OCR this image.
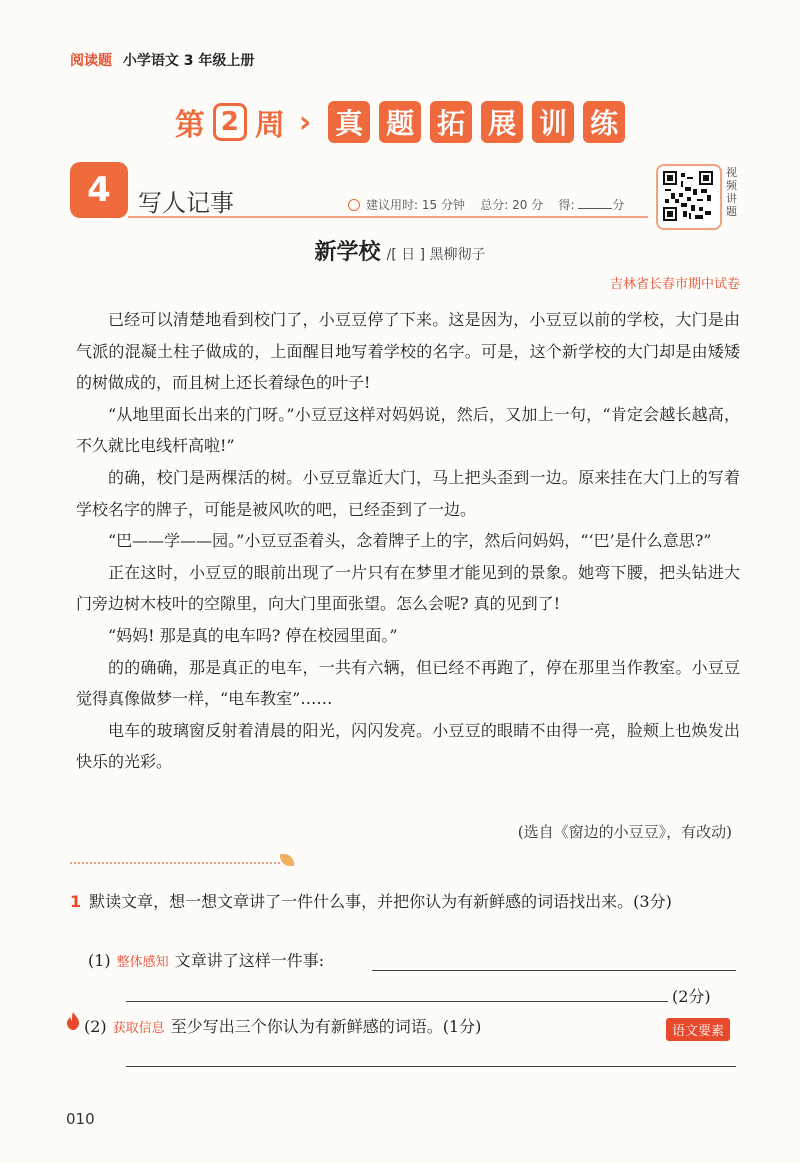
阅读题 小学语文 3 年级上册
第 2 周 › 真 题 拓 展 训 练
4	写人记事	建议用时: 15 分钟 总分: 20 分 得:	分
视频讲题
新学校 /[ 日 ] 黑柳彻子
吉林省长春市期中试卷

已经可以清楚地看到校门了，小豆豆停了下来。这是因为，小豆豆以前的学校，大门是由气派的混凝土柱子做成的，上面醒目地写着学校的名字。可是，这个新学校的大门却是由矮矮的树做成的，而且树上还长着绿色的叶子!

“从地里面长出来的门呀。”小豆豆这样对妈妈说，然后，又加上一句，“肯定会越长越高，不久就比电线杆高啦!”

的确，校门是两棵活的树。小豆豆靠近大门，马上把头歪到一边。原来挂在大门上的写着学校名字的牌子，可能是被风吹的吧，已经歪到了一边。

“巴——学——园。”小豆豆歪着头，念着牌子上的字，然后问妈妈，“‘巴’是什么意思?”

正在这时，小豆豆的眼前出现了一片只有在梦里才能见到的景象。她弯下腰，把头钻进大门旁边树木枝叶的空隙里，向大门里面张望。怎么会呢? 真的见到了!

“妈妈! 那是真的电车吗? 停在校园里面。”

的的确确，那是真正的电车，一共有六辆，但已经不再跑了，停在那里当作教室。小豆豆觉得真像做梦一样，“电车教室”……

电车的玻璃窗反射着清晨的阳光，闪闪发亮。小豆豆的眼睛不由得一亮，脸颊上也焕发出快乐的光彩。

(选自《窗边的小豆豆》，有改动)
1 默读文章，想一想文章讲了一件什么事，并把你认为有新鲜感的词语找出来。(3分)
(1) 整体感知 文章讲了这样一件事:
(2分)
(2) 获取信息 至少写出三个你认为有新鲜感的词语。(1分)	语文要素
010
